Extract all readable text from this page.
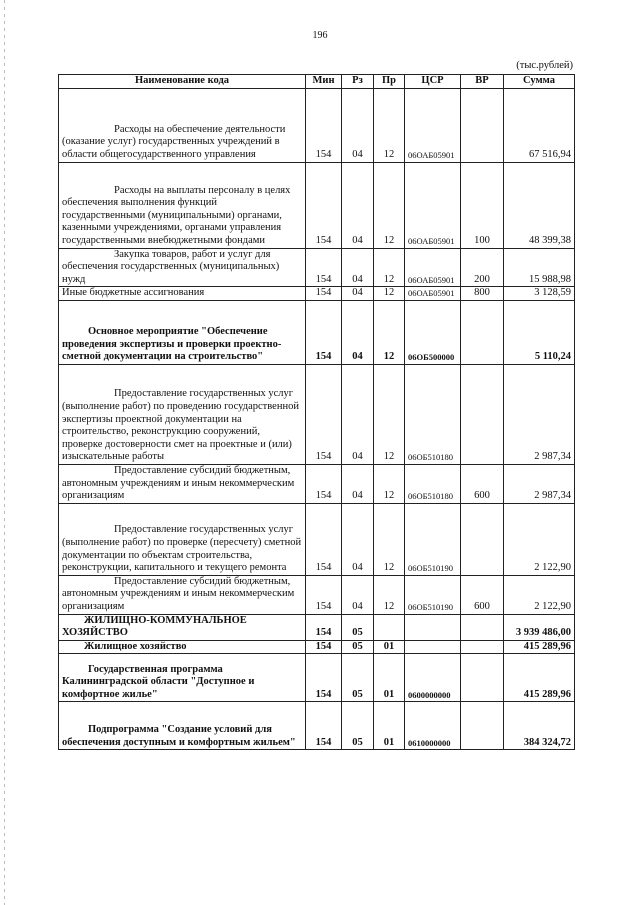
196
(тыс.рублей)
Наименование кода	Мин	Рз	Пр	ЦСР	ВР	Сумма
Расходы на обеспечение деятельности (оказание услуг) государственных учреждений в области общегосударственного управления	154	04	12	06ОАБ05901		67 516,94
Расходы на выплаты персоналу в целях обеспечения выполнения функций государственными (муниципальными) органами, казенными учреждениями, органами управления государственными внебюджетными фондами	154	04	12	06ОАБ05901	100	48 399,38
Закупка товаров, работ и услуг для обеспечения государственных (муниципальных) нужд	154	04	12	06ОАБ05901	200	15 988,98
Иные бюджетные ассигнования	154	04	12	06ОАБ05901	800	3 128,59
Основное мероприятие "Обеспечение проведения экспертизы и проверки проектно-сметной документации на строительство"	154	04	12	06ОБ500000		5 110,24
Предоставление государственных услуг (выполнение работ) по проведению государственной экспертизы проектной документации на строительство, реконструкцию сооружений, проверке достоверности смет на проектные и (или) изыскательные работы	154	04	12	06ОБ510180		2 987,34
Предоставление субсидий бюджетным, автономным учреждениям и иным некоммерческим организациям	154	04	12	06ОБ510180	600	2 987,34
Предоставление государственных услуг (выполнение работ) по проверке (пересчету) сметной документации по объектам строительства, реконструкции, капитального и текущего ремонта	154	04	12	06ОБ510190		2 122,90
Предоставление субсидий бюджетным, автономным учреждениям и иным некоммерческим организациям	154	04	12	06ОБ510190	600	2 122,90
ЖИЛИЩНО-КОММУНАЛЬНОЕ ХОЗЯЙСТВО	154	05				3 939 486,00
Жилищное хозяйство	154	05	01			415 289,96
Государственная программа Калининградской области "Доступное и комфортное жилье"	154	05	01	0600000000		415 289,96
Подпрограмма "Создание условий для обеспечения доступным и комфортным жильем"	154	05	01	0610000000		384 324,72
